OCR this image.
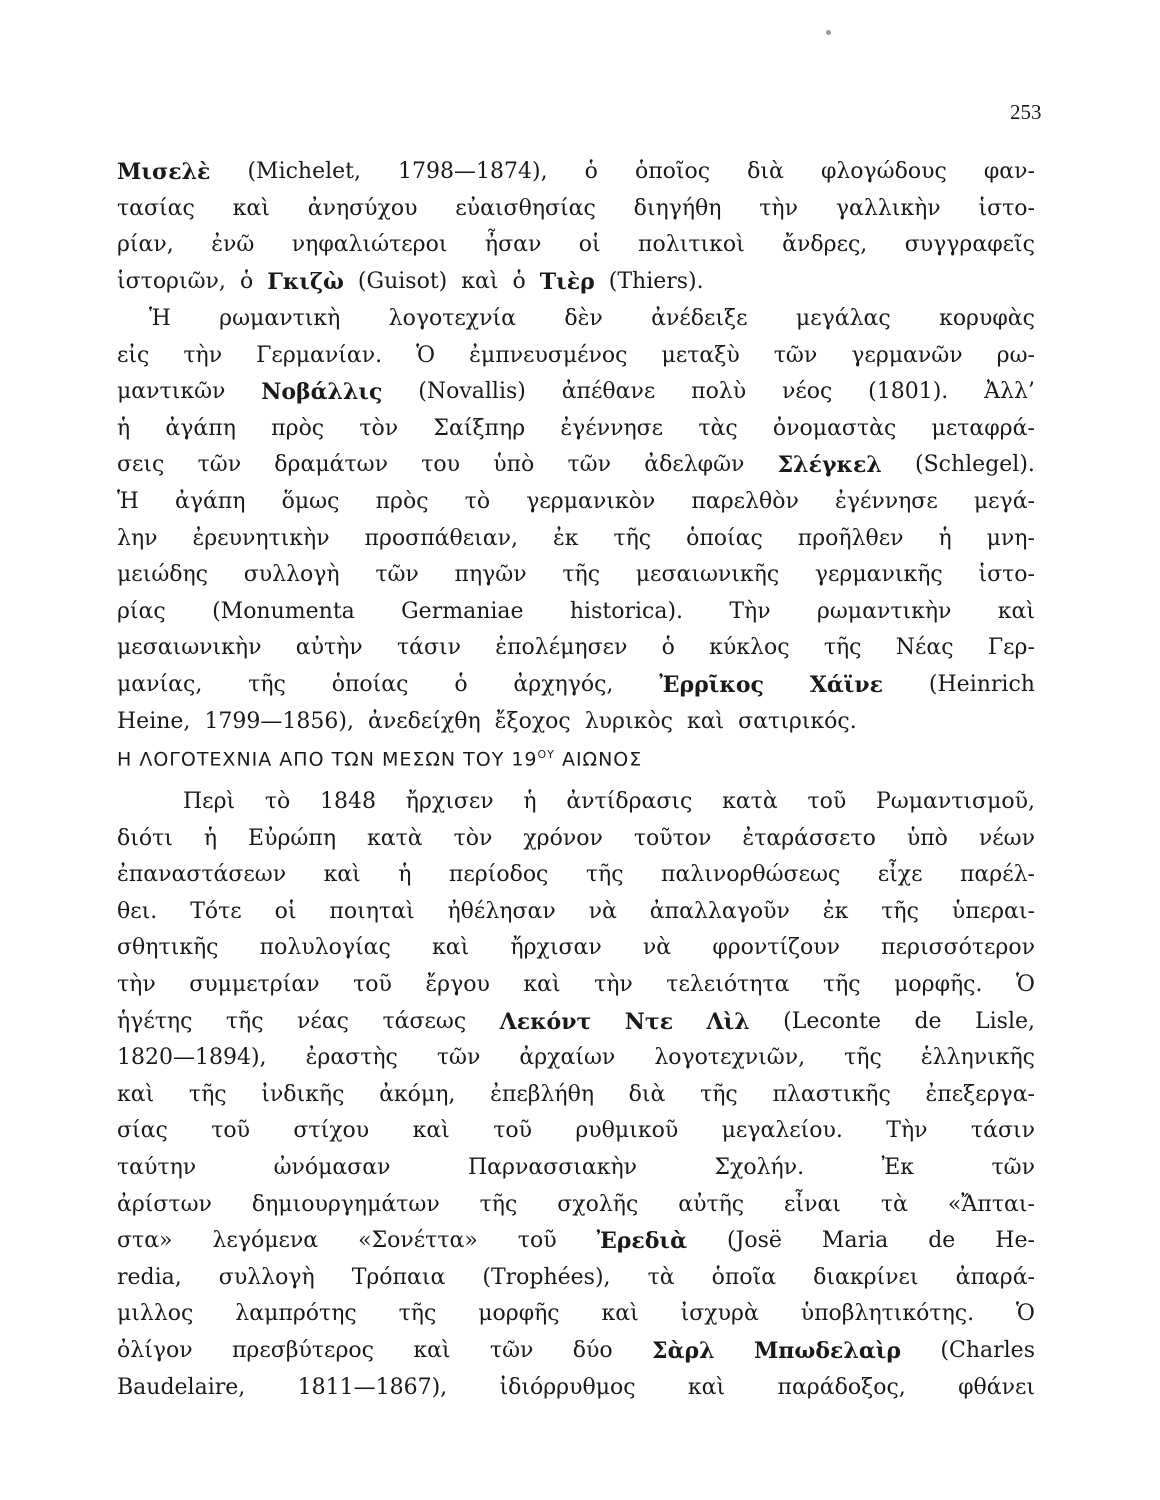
253
Μισελὲ (Michelet, 1798—1874), ὁ ὁποῖος διὰ φλογώδους φαν-
τασίας καὶ ἀνησύχου εὐαισθησίας διηγήθη τὴν γαλλικὴν ἱστο-
ρίαν, ἐνῶ νηφαλιώτεροι ἦσαν οἱ πολιτικοὶ ἄνδρες, συγγραφεῖς
ἱστοριῶν, ὁ Γκιζὼ (Guisot) καὶ ὁ Τιὲρ (Thiers).
Ἡ ρωμαντικὴ λογοτεχνία δὲν ἀνέδειξε μεγάλας κορυφὰς
εἰς τὴν Γερμανίαν. Ὁ ἐμπνευσμένος μεταξὺ τῶν γερμανῶν ρω-
μαντικῶν Νοβάλλις (Novallis) ἀπέθανε πολὺ νέος (1801). Ἀλλ’
ἡ ἀγάπη πρὸς τὸν Σαίξπηρ ἐγέννησε τὰς ὀνομαστὰς μεταφρά-
σεις τῶν δραμάτων του ὑπὸ τῶν ἀδελφῶν Σλέγκελ (Schlegel).
Ἡ ἀγάπη ὅμως πρὸς τὸ γερμανικὸν παρελθὸν ἐγέννησε μεγά-
λην ἐρευνητικὴν προσπάθειαν, ἐκ τῆς ὁποίας προῆλθεν ἡ μνη-
μειώδης συλλογὴ τῶν πηγῶν τῆς μεσαιωνικῆς γερμανικῆς ἱστο-
ρίας (Monumenta Germaniae historica). Τὴν ρωμαντικὴν καὶ
μεσαιωνικὴν αὐτὴν τάσιν ἐπολέμησεν ὁ κύκλος τῆς Νέας Γερ-
μανίας, τῆς ὁποίας ὁ ἀρχηγός, Ἐρρῖκος Χάϊνε (Heinrich
Heine, 1799—1856), ἀνεδείχθη ἔξοχος λυρικὸς καὶ σατιρικός.
Η ΛΟΓΟΤΕΧΝΙΑ ΑΠΟ ΤΩΝ ΜΕΣΩΝ ΤΟΥ $19^{O\Upsilon}$ ΑΙΩΝΟΣ
Περὶ τὸ 1848 ἤρχισεν ἡ ἀντίδρασις κατὰ τοῦ Ρωμαντισμοῦ,
διότι ἡ Εὐρώπη κατὰ τὸν χρόνον τοῦτον ἐταράσσετο ὑπὸ νέων
ἐπαναστάσεων καὶ ἡ περίοδος τῆς παλινορθώσεως εἶχε παρέλ-
θει. Τότε οἱ ποιηταὶ ἠθέλησαν νὰ ἀπαλλαγοῦν ἐκ τῆς ὑπεραι-
σθητικῆς πολυλογίας καὶ ἤρχισαν νὰ φροντίζουν περισσότερον
τὴν συμμετρίαν τοῦ ἔργου καὶ τὴν τελειότητα τῆς μορφῆς. Ὁ
ἡγέτης τῆς νέας τάσεως Λεκόντ Ντε Λὶλ (Leconte de Lisle,
1820—1894), ἐραστὴς τῶν ἀρχαίων λογοτεχνιῶν, τῆς ἑλληνικῆς
καὶ τῆς ἰνδικῆς ἀκόμη, ἐπεβλήθη διὰ τῆς πλαστικῆς ἐπεξεργα-
σίας τοῦ στίχου καὶ τοῦ ρυθμικοῦ μεγαλείου. Τὴν τάσιν
ταύτην	ὠνόμασαν	Παρνασσιακὴν	Σχολήν.	Ἐκ	τῶν
ἀρίστων δημιουργημάτων τῆς σχολῆς αὐτῆς εἶναι τὰ «Ἄπται-
στα» λεγόμενα «Σονέττα» τοῦ Ἐρεδιὰ (Josë Maria de He-
redia, συλλογὴ Τρόπαια (Trophées), τὰ ὁποῖα διακρίνει ἀπαρά-
μιλλος λαμπρότης τῆς μορφῆς καὶ ἰσχυρὰ ὑποβλητικότης. Ὁ
ὀλίγον πρεσβύτερος καὶ τῶν δύο Σὰρλ Μπωδελαὶρ (Charles
Baudelaire, 1811—1867), ἰδιόρρυθμος καὶ παράδοξος, φθάνει
